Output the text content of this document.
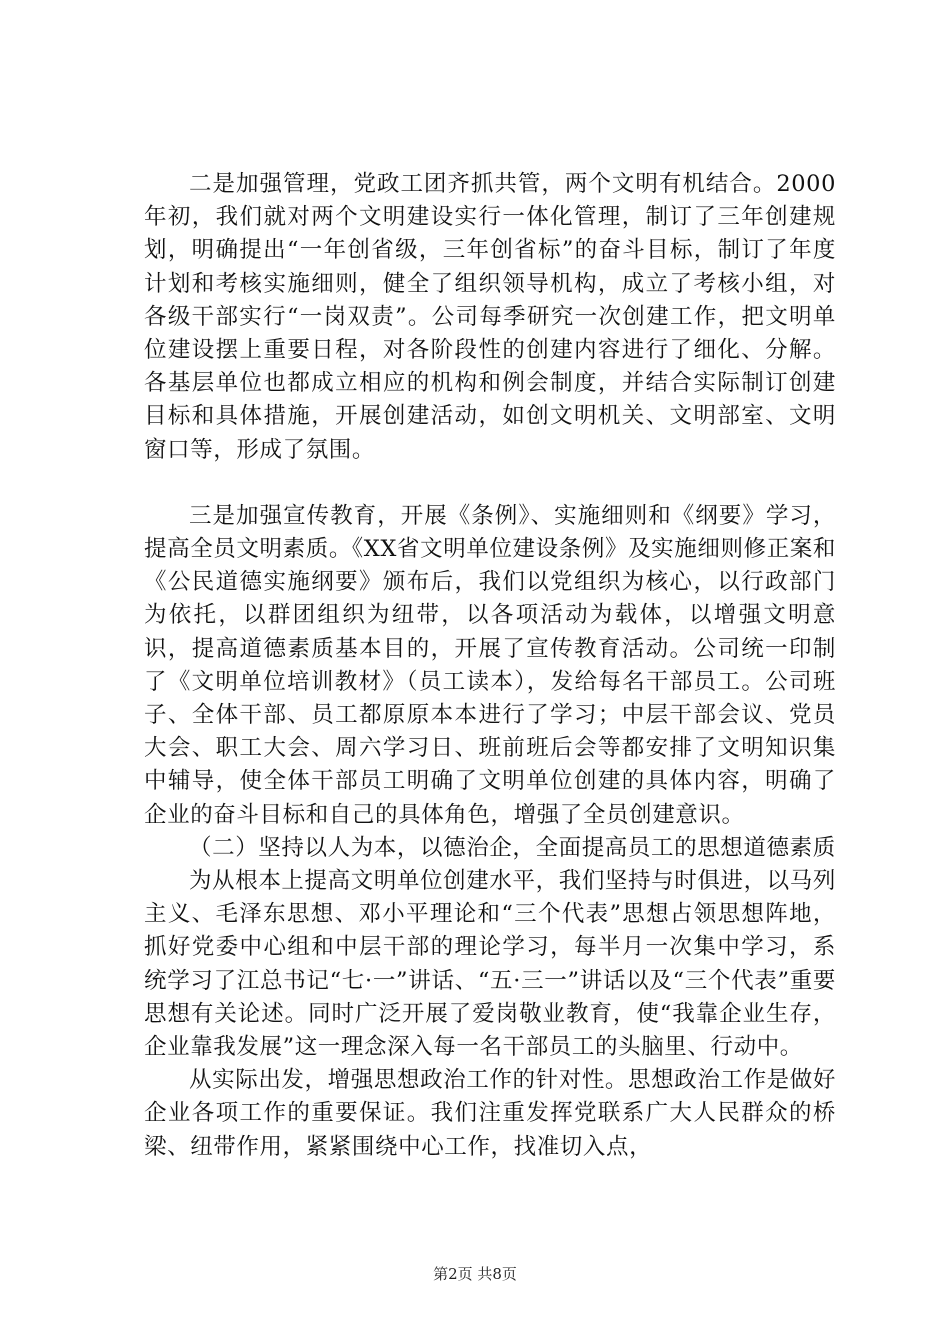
二是加强管理，党政工团齐抓共管，两个文明有机结合。2000年初，我们就对两个文明建设实行一体化管理，制订了三年创建规划，明确提出“一年创省级，三年创省标”的奋斗目标，制订了年度计划和考核实施细则，健全了组织领导机构，成立了考核小组，对各级干部实行“一岗双责”。公司每季研究一次创建工作，把文明单位建设摆上重要日程，对各阶段性的创建内容进行了细化、分解。各基层单位也都成立相应的机构和例会制度，并结合实际制订创建目标和具体措施，开展创建活动，如创文明机关、文明部室、文明窗口等，形成了氛围。

三是加强宣传教育，开展《条例》、实施细则和《纲要》学习，提高全员文明素质。《XX省文明单位建设条例》及实施细则修正案和《公民道德实施纲要》颁布后，我们以党组织为核心，以行政部门为依托，以群团组织为纽带，以各项活动为载体，以增强文明意识，提高道德素质基本目的，开展了宣传教育活动。公司统一印制了《文明单位培训教材》（员工读本），发给每名干部员工。公司班子、全体干部、员工都原原本本进行了学习；中层干部会议、党员大会、职工大会、周六学习日、班前班后会等都安排了文明知识集中辅导，使全体干部员工明确了文明单位创建的具体内容，明确了企业的奋斗目标和自己的具体角色，增强了全员创建意识。

（二）坚持以人为本，以德治企，全面提高员工的思想道德素质

为从根本上提高文明单位创建水平，我们坚持与时俱进，以马列主义、毛泽东思想、邓小平理论和“三个代表”思想占领思想阵地，抓好党委中心组和中层干部的理论学习，每半月一次集中学习，系统学习了江总书记“七·一”讲话、“五·三一”讲话以及“三个代表”重要思想有关论述。同时广泛开展了爱岗敬业教育，使“我靠企业生存，企业靠我发展”这一理念深入每一名干部员工的头脑里、行动中。

从实际出发，增强思想政治工作的针对性。思想政治工作是做好企业各项工作的重要保证。我们注重发挥党联系广大人民群众的桥梁、纽带作用，紧紧围绕中心工作，找准切入点，

第2页 共8页
